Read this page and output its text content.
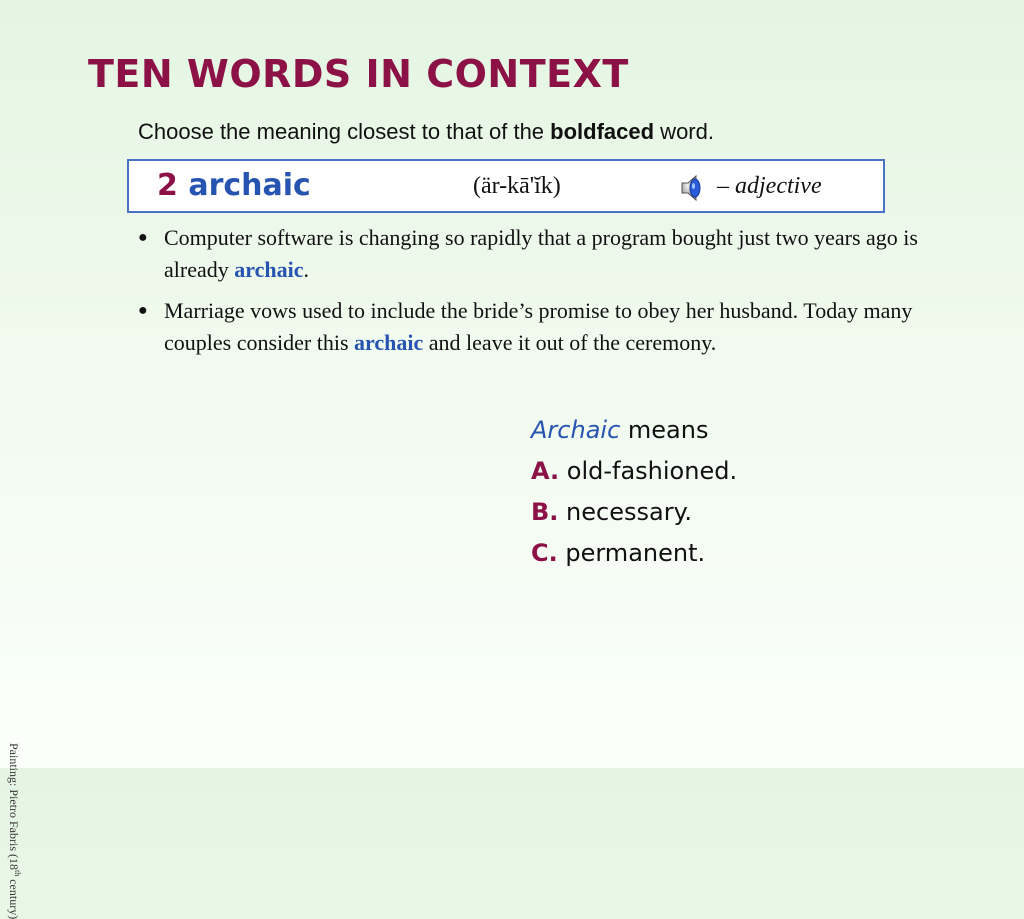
TEN WORDS IN CONTEXT
Choose the meaning closest to that of the boldfaced word.
2 archaic	(är-kā'ĭk)	– adjective
● Computer software is changing so rapidly that a program bought just two years ago is already archaic.
● Marriage vows used to include the bride’s promise to obey her husband. Today many couples consider this archaic and leave it out of the ceremony.
Archaic means
A. old-fashioned.
B. necessary.
C. permanent.
Painting: Pietro Fabris (18th century)
